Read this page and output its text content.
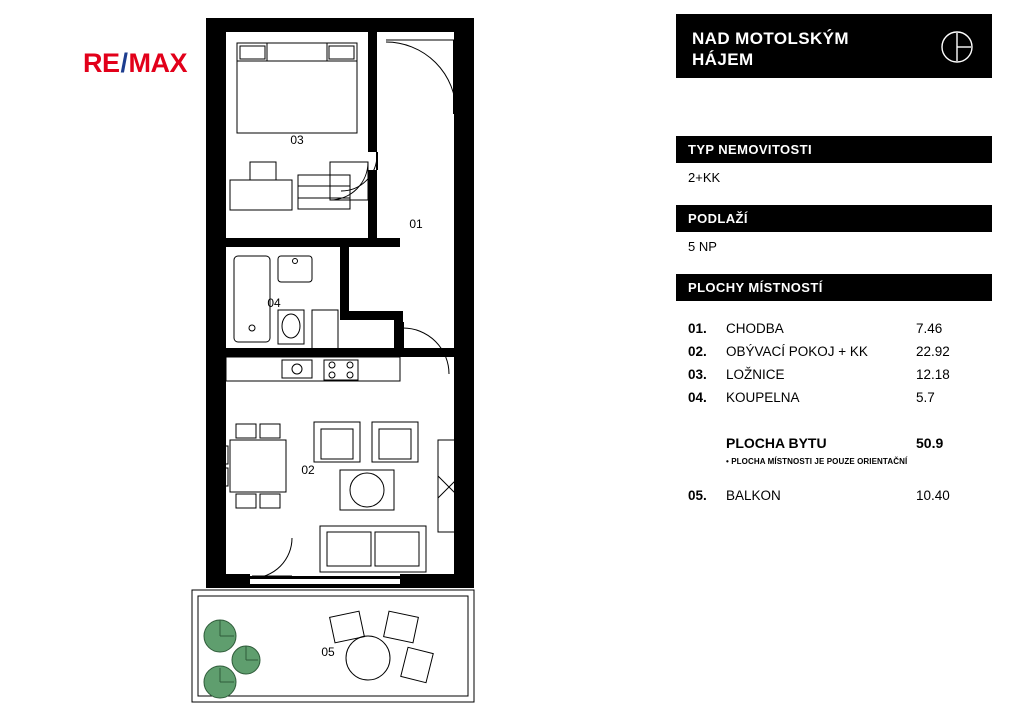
RE/MAX
03
01
04
02
05
NAD MOTOLSKÝM
HÁJEM
TYP NEMOVITOSTI
2+KK
PODLAŽÍ
5 NP
PLOCHY MÍSTNOSTÍ
01.	CHODBA	7.46
02.	OBÝVACÍ POKOJ + KK	22.92
03.	LOŽNICE	12.18
04.	KOUPELNA	5.7
PLOCHA BYTU	50.9
• PLOCHA MÍSTNOSTI JE POUZE ORIENTAČNÍ
05.	BALKON	10.40
